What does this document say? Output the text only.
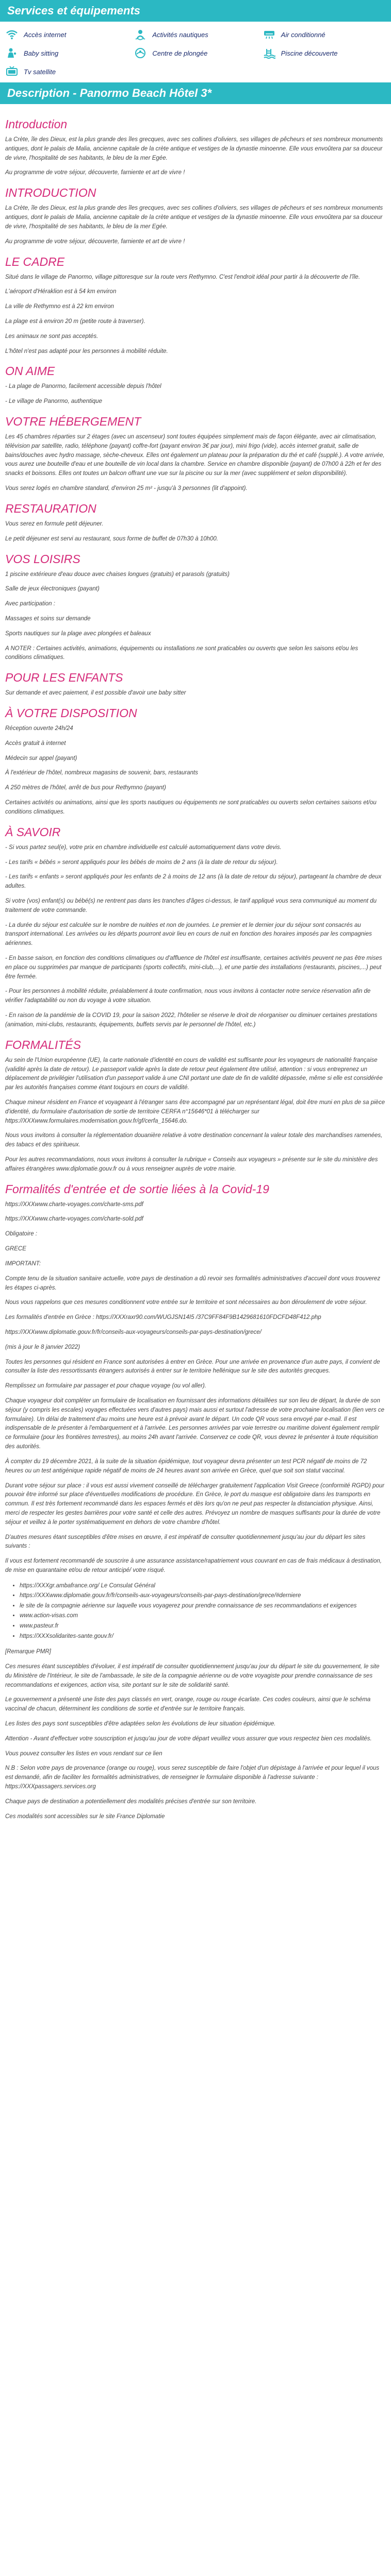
Services et équipements
Accès internet	Activités nautiques	Air conditionné
Baby sitting	Centre de plongée	Piscine découverte
Tv satellite
Description - Panormo Beach Hôtel 3*
Introduction

La Crète, île des Dieux, est la plus grande des îles grecques, avec ses collines d'oliviers, ses villages de pêcheurs et ses nombreux monuments antiques, dont le palais de Malia, ancienne capitale de la crète antique et vestiges de la dynastie minoenne. Elle vous envoûtera par sa douceur de vivre, l'hospitalité de ses habitants, le bleu de la mer Egée.

Au programme de votre séjour, découverte, farniente et art de vivre !

INTRODUCTION

La Crète, île des Dieux, est la plus grande des îles grecques, avec ses collines d'oliviers, ses villages de pêcheurs et ses nombreux monuments antiques, dont le palais de Malia, ancienne capitale de la crète antique et vestiges de la dynastie minoenne. Elle vous envoûtera par sa douceur de vivre, l'hospitalité de ses habitants, le bleu de la mer Egée.

Au programme de votre séjour, découverte, farniente et art de vivre !

LE CADRE

Situé dans le village de Panormo, village pittoresque sur la route vers Rethymno. C'est l'endroit idéal pour partir à la découverte de l'île.

L'aéroport d'Héraklion est à 54 km environ

La ville de Rethymno est à 22 km environ

La plage est à environ 20 m (petite route à traverser).

Les animaux ne sont pas acceptés.

L'hôtel n'est pas adapté pour les personnes à mobilité réduite.

ON AIME

- La plage de Panormo, facilement accessible depuis l'hôtel

- Le village de Panormo, authentique

VOTRE HÉBERGEMENT

Les 45 chambres réparties sur 2 étages (avec un ascenseur) sont toutes équipées simplement mais de façon élégante, avec air climatisation, télévision par satellite, radio, téléphone (payant) coffre-fort (payant environ 3€ par jour), mini frigo (vide), accès internet gratuit, salle de bains/douches avec hydro massage, sèche-cheveux. Elles ont également un plateau pour la préparation du thé et café (supplé.). A votre arrivée, vous aurez une bouteille d'eau et une bouteille de vin local dans la chambre. Service en chambre disponible (payant) de 07h00 à 22h et fer des snacks et boissons. Elles ont toutes un balcon offrant une vue sur la piscine ou sur la mer (avec supplément et selon disponibilité).

Vous serez logés en chambre standard, d'environ 25 m² - jusqu'à 3 personnes (lit d'appoint).

RESTAURATION

Vous serez en formule petit déjeuner.

Le petit déjeuner est servi au restaurant, sous forme de buffet de 07h30 à 10h00.

VOS LOISIRS

1 piscine extérieure d'eau douce avec chaises longues (gratuits) et parasols (gratuits)

Salle de jeux électroniques (payant)

Avec participation :

Massages et soins sur demande

Sports nautiques sur la plage avec plongées et baleaux

A NOTER : Certaines activités, animations, équipements ou installations ne sont praticables ou ouverts que selon les saisons et/ou les conditions climatiques.

POUR LES ENFANTS

Sur demande et avec paiement, il est possible d'avoir une baby sitter

À VOTRE DISPOSITION

Réception ouverte 24h/24

Accès gratuit à internet

Médecin sur appel (payant)

À l'extérieur de l'hôtel, nombreux magasins de souvenir, bars, restaurants

A 250 mètres de l'hôtel, arrêt de bus pour Rethymno (payant)

Certaines activités ou animations, ainsi que les sports nautiques ou équipements ne sont praticables ou ouverts selon certaines saisons et/ou conditions climatiques.

À SAVOIR

- Si vous partez seul(e), votre prix en chambre individuelle est calculé automatiquement dans votre devis.

- Les tarifs « bébés » seront appliqués pour les bébés de moins de 2 ans (à la date de retour du séjour).

- Les tarifs « enfants » seront appliqués pour les enfants de 2 à moins de 12 ans (à la date de retour du séjour), partageant la chambre de deux adultes.

Si votre (vos) enfant(s) ou bébé(s) ne rentrent pas dans les tranches d'âges ci-dessus, le tarif appliqué vous sera communiqué au moment du traitement de votre commande.

- La durée du séjour est calculée sur le nombre de nuitées et non de journées. Le premier et le dernier jour du séjour sont consacrés au transport international. Les arrivées ou les départs pourront avoir lieu en cours de nuit en fonction des horaires imposés par les compagnies aériennes.

- En basse saison, en fonction des conditions climatiques ou d'affluence de l'hôtel est insuffisante, certaines activités peuvent ne pas être mises en place ou supprimées par manque de participants (sports collectifs, mini-club,...), et une partie des installations (restaurants, piscines,...) peut être fermée.

- Pour les personnes à mobilité réduite, préalablement à toute confirmation, nous vous invitons à contacter notre service réservation afin de vérifier l'adaptabilité ou non du voyage à votre situation.

- En raison de la pandémie de la COVID 19, pour la saison 2022, l'hôtelier se réserve le droit de réorganiser ou diminuer certaines prestations (animation, mini-clubs, restaurants, équipements, buffets servis par le personnel de l'hôtel, etc.)

FORMALITÉS

Au sein de l'Union européenne (UE), la carte nationale d'identité en cours de validité est suffisante pour les voyageurs de nationalité française (validité après la date de retour). Le passeport valide après la date de retour peut également être utilisé, attention : si vous entreprenez un déplacement de privilégier l'utilisation d'un passeport valide à une CNI portant une date de fin de validité dépassée, même si elle est considérée par les autorités françaises comme étant toujours en cours de validité.

Chaque mineur résident en France et voyageant à l'étranger sans être accompagné par un représentant légal, doit être muni en plus de sa pièce d'identité, du formulaire d'autorisation de sortie de territoire CERFA n°15646*01 à télécharger sur https://XXXwww.formulaires.modernisation.gouv.fr/gf/cerfa_15646.do.

Nous vous invitons à consulter la réglementation douanière relative à votre destination concernant la valeur totale des marchandises ramenées, des tabacs et des spiritueux.

Pour les autres recommandations, nous vous invitons à consulter la rubrique « Conseils aux voyageurs » présente sur le site du ministère des affaires étrangères www.diplomatie.gouv.fr ou à vous renseigner auprès de votre mairie.

Formalités d'entrée et de sortie liées à la Covid-19

https://XXXwww.charte-voyages.com/charte-sms.pdf

https://XXXwww.charte-voyages.com/charte-sold.pdf

Obligatoire :

GRECE

IMPORTANT:

Compte tenu de la situation sanitaire actuelle, votre pays de destination a dû revoir ses formalités administratives d'accueil dont vous trouverez les étapes ci-après.

Nous vous rappelons que ces mesures conditionnent votre entrée sur le territoire et sont nécessaires au bon déroulement de votre séjour.

Les formalités d'entrée en Grèce : https://XXXraxr90.com/WUGJSN14I5 /37C9FF84F9B1429681610FDCFD48F412.php

https://XXXwww.diplomatie.gouv.fr/fr/conseils-aux-voyageurs/conseils-par-pays-destination/grece/

(mis à jour le 8 janvier 2022)

Toutes les personnes qui résident en France sont autorisées à entrer en Grèce. Pour une arrivée en provenance d'un autre pays, il convient de consulter la liste des ressortissants étrangers autorisés à entrer sur le territoire hellénique sur le site des autorités grecques.

Remplissez un formulaire par passager et pour chaque voyage (ou vol aller).

Chaque voyageur doit compléter un formulaire de localisation en fournissant des informations détaillées sur son lieu de départ, la durée de son séjour (y compris les escales) voyages effectuées vers d'autres pays) mais aussi et surtout l'adresse de votre prochaine localisation (lien vers ce formulaire). Un délai de traitement d'au moins une heure est à prévoir avant le départ. Un code QR vous sera envoyé par e-mail. Il est indispensable de le présenter à l'embarquement et à l'arrivée. Les personnes arrivées par voie terrestre ou maritime doivent également remplir ce formulaire (pour les frontières terrestres), au moins 24h avant l'arrivée. Conservez ce code QR, vous devrez le présenter à toute réquisition des autorités.

À compter du 19 décembre 2021, à la suite de la situation épidémique, tout voyageur devra présenter un test PCR négatif de moins de 72 heures ou un test antigénique rapide négatif de moins de 24 heures avant son arrivée en Grèce, quel que soit son statut vaccinal.

Durant votre séjour sur place : il vous est aussi vivement conseillé de télécharger gratuitement l'application Visit Greece (conformité RGPD) pour pouvoir être informé sur place d'éventuelles modifications de procédure. En Grèce, le port du masque est obligatoire dans les transports en commun. Il est très fortement recommandé dans les espaces fermés et dès lors qu'on ne peut pas respecter la distanciation physique. Ainsi, merci de respecter les gestes barrières pour votre santé et celle des autres. Prévoyez un nombre de masques suffisants pour la durée de votre séjour et veillez à le porter systématiquement en dehors de votre chambre d'hôtel.

D'autres mesures étant susceptibles d'être mises en œuvre, il est impératif de consulter quotidiennement jusqu'au jour du départ les sites suivants :

Il vous est fortement recommandé de souscrire à une assurance assistance/rapatriement vous couvrant en cas de frais médicaux à destination, de mise en quarantaine et/ou de retour anticipé/ votre risqué.

• https://XXXgr.ambafrance.org/ Le Consulat Général
• https://XXXwww.diplomatie.gouv.fr/fr/conseils-aux-voyageurs/conseils-par-pays-destination/grece/#derniere
• le site de la compagnie aérienne sur laquelle vous voyagerez pour prendre connaissance de ses recommandations et exigences
• www.action-visas.com
• www.pasteur.fr
• https://XXXsolidarites-sante.gouv.fr/

[Remarque PMR]

Ces mesures étant susceptibles d'évoluer, il est impératif de consulter quotidiennement jusqu'au jour du départ le site du gouvernement, le site du Ministère de l'Intérieur, le site de l'ambassade, le site de la compagnie aérienne ou de votre voyagiste pour prendre connaissance de ses recommandations et exigences, action visa, site portant sur le site de solidarité santé.

Le gouvernement a présenté une liste des pays classés en vert, orange, rouge ou rouge écarlate. Ces codes couleurs, ainsi que le schéma vaccinal de chacun, déterminent les conditions de sortie et d'entrée sur le territoire français.

Les listes des pays sont susceptibles d'être adaptées selon les évolutions de leur situation épidémique.

Attention - Avant d'effectuer votre souscription et jusqu'au jour de votre départ veuillez vous assurer que vous respectez bien ces modalités.

Vous pouvez consulter les listes en vous rendant sur ce lien

N.B : Selon votre pays de provenance (orange ou rouge), vous serez susceptible de faire l'objet d'un dépistage à l'arrivée et pour lequel il vous est demandé, afin de faciliter les formalités administratives, de renseigner le formulaire disponible à l'adresse suivante : https://XXXpassagers.services.org

Chaque pays de destination a potentiellement des modalités précises d'entrée sur son territoire.

Ces modalités sont accessibles sur le site France Diplomatie
